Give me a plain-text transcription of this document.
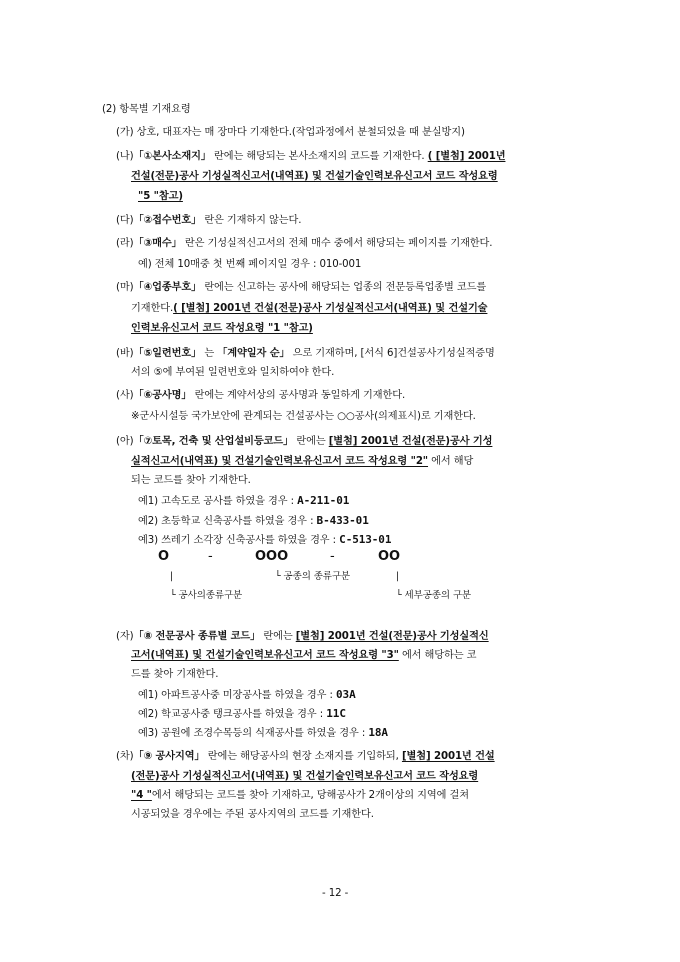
(2) 항목별 기재요령
(가) 상호, 대표자는 매 장마다 기재한다.(작업과정에서 분철되었을 때 분실방지)
(나)「①본사소재지」 란에는 해당되는 본사소재지의 코드를 기재한다. ( [별첨] 2001년
건설(전문)공사 기성실적신고서(내역표) 및 건설기술인력보유신고서 코드 작성요령
"5 "참고)
(다)「②접수번호」 란은 기재하지 않는다.
(라)「③매수」 란은 기성실적신고서의 전체 매수 중에서 해당되는 페이지를 기재한다.
예) 전체 10매중 첫 번째 페이지일 경우 : 010-001
(마)「④업종부호」 란에는 신고하는 공사에 해당되는 업종의 전문등록업종별 코드를
기재한다.( [별첨] 2001년 건설(전문)공사 기성실적신고서(내역표) 및 건설기술
인력보유신고서 코드 작성요령 "1 "참고)
(바)「⑤일련번호」 는 「계약일자 순」 으로 기재하며, [서식 6]건설공사기성실적증명
서의 ⑤에 부여된 일련번호와 일치하여야 한다.
(사)「⑥공사명」 란에는 계약서상의 공사명과 동일하게 기재한다.
※군사시설등 국가보안에 관계되는 건설공사는 ○○공사(의제표시)로 기재한다.
(아)「⑦토목, 건축 및 산업설비등코드」 란에는 [별첨] 2001년 건설(전문)공사 기성
실적신고서(내역표) 및 건설기술인력보유신고서 코드 작성요령 "2" 에서 해당
되는 코드를 찾아 기재한다.
예1) 고속도로 공사를 하였을 경우 : A-211-01
예2) 초등학교 신축공사를 하였을 경우 : B-433-01
예3) 쓰레기 소각장 신축공사를 하였을 경우 : C-513-01
O	-	OOO	-	OO
|	└ 공종의 종류구분	|
└ 공사의종류구분	└ 세부공종의 구분
(자)「⑧ 전문공사 종류별 코드」 란에는 [별첨] 2001년 건설(전문)공사 기성실적신
고서(내역표) 및 건설기술인력보유신고서 코드 작성요령 "3" 에서 해당하는 코
드를 찾아 기재한다.
예1) 아파트공사중 미장공사를 하였을 경우 : 03A
예2) 학교공사중 탱크공사를 하였을 경우 : 11C
예3) 공원에 조경수목등의 식재공사를 하였을 경우 : 18A
(차)「⑨ 공사지역」 란에는 해당공사의 현장 소재지를 기입하되, [별첨] 2001년 건설
(전문)공사 기성실적신고서(내역표) 및 건설기술인력보유신고서 코드 작성요령
"4 "에서 해당되는 코드를 찾아 기재하고, 당해공사가 2개이상의 지역에 걸쳐
시공되었을 경우에는 주된 공사지역의 코드를 기재한다.
- 12 -
